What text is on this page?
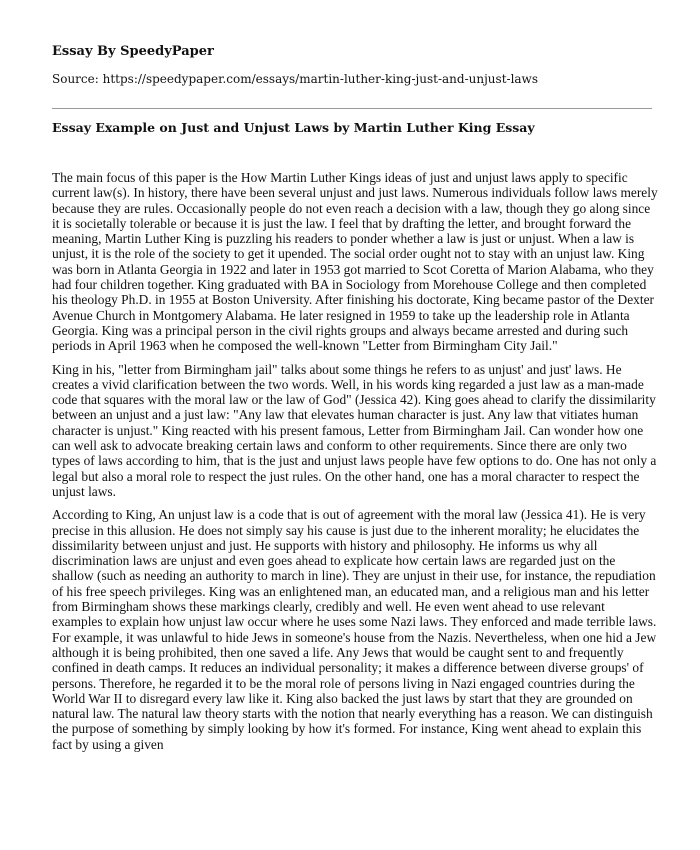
Essay By SpeedyPaper

Source: https://speedypaper.com/essays/martin-luther-king-just-and-unjust-laws

Essay Example on Just and Unjust Laws by Martin Luther King Essay

The main focus of this paper is the How Martin Luther Kings ideas of just and unjust laws apply to specific current law(s). In history, there have been several unjust and just laws. Numerous individuals follow laws merely because they are rules. Occasionally people do not even reach a decision with a law, though they go along since it is societally tolerable or because it is just the law. I feel that by drafting the letter, and brought forward the meaning, Martin Luther King is puzzling his readers to ponder whether a law is just or unjust. When a law is unjust, it is the role of the society to get it upended. The social order ought not to stay with an unjust law. King was born in Atlanta Georgia in 1922 and later in 1953 got married to Scot Coretta of Marion Alabama, who they had four children together. King graduated with BA in Sociology from Morehouse College and then completed his theology Ph.D. in 1955 at Boston University. After finishing his doctorate, King became pastor of the Dexter Avenue Church in Montgomery Alabama. He later resigned in 1959 to take up the leadership role in Atlanta Georgia. King was a principal person in the civil rights groups and always became arrested and during such periods in April 1963 when he composed the well-known "Letter from Birmingham City Jail."

King in his, "letter from Birmingham jail" talks about some things he refers to as unjust' and just' laws. He creates a vivid clarification between the two words. Well, in his words king regarded a just law as a man-made code that squares with the moral law or the law of God" (Jessica 42). King goes ahead to clarify the dissimilarity between an unjust and a just law: "Any law that elevates human character is just. Any law that vitiates human character is unjust." King reacted with his present famous, Letter from Birmingham Jail. Can wonder how one can well ask to advocate breaking certain laws and conform to other requirements. Since there are only two types of laws according to him, that is the just and unjust laws people have few options to do. One has not only a legal but also a moral role to respect the just rules. On the other hand, one has a moral character to respect the unjust laws.

According to King, An unjust law is a code that is out of agreement with the moral law (Jessica 41). He is very precise in this allusion. He does not simply say his cause is just due to the inherent morality; he elucidates the dissimilarity between unjust and just. He supports with history and philosophy. He informs us why all discrimination laws are unjust and even goes ahead to explicate how certain laws are regarded just on the shallow (such as needing an authority to march in line). They are unjust in their use, for instance, the repudiation of his free speech privileges. King was an enlightened man, an educated man, and a religious man and his letter from Birmingham shows these markings clearly, credibly and well. He even went ahead to use relevant examples to explain how unjust law occur where he uses some Nazi laws. They enforced and made terrible laws. For example, it was unlawful to hide Jews in someone's house from the Nazis. Nevertheless, when one hid a Jew although it is being prohibited, then one saved a life. Any Jews that would be caught sent to and frequently confined in death camps. It reduces an individual personality; it makes a difference between diverse groups' of persons. Therefore, he regarded it to be the moral role of persons living in Nazi engaged countries during the World War II to disregard every law like it. King also backed the just laws by start that they are grounded on natural law. The natural law theory starts with the notion that nearly everything has a reason. We can distinguish the purpose of something by simply looking by how it's formed. For instance, King went ahead to explain this fact by using a given
